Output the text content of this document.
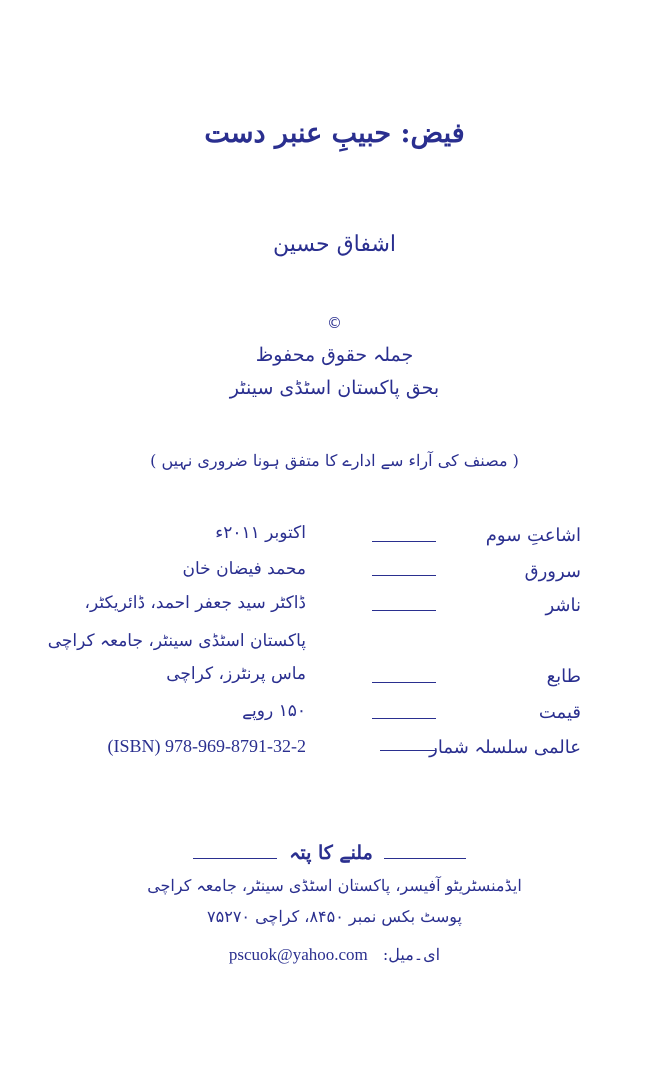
فیض: حبیبِ عنبر دست
اشفاق حسین
©
جملہ حقوق محفوظ
بحق پاکستان اسٹڈی سینٹر
( مصنف کی آراء سے ادارے کا متفق ہونا ضروری نہیں )
اشاعتِ سوم
اکتوبر ۲۰۱۱ء
سرورق
محمد فیضان خان
ناشر
ڈاکٹر سید جعفر احمد، ڈائریکٹر،
پاکستان اسٹڈی سینٹر، جامعہ کراچی
طابع
ماس پرنٹرز، کراچی
قیمت
۱۵۰ روپے
عالمی سلسلہ شمار
(ISBN) 978-969-8791-32-2
ملنے کا پتہ
ایڈمنسٹریٹو آفیسر، پاکستان اسٹڈی سینٹر، جامعہ کراچی
پوسٹ بکس نمبر ۸۴۵۰، کراچی ۷۵۲۷۰
pscuok@yahoo.com ای۔میل:
